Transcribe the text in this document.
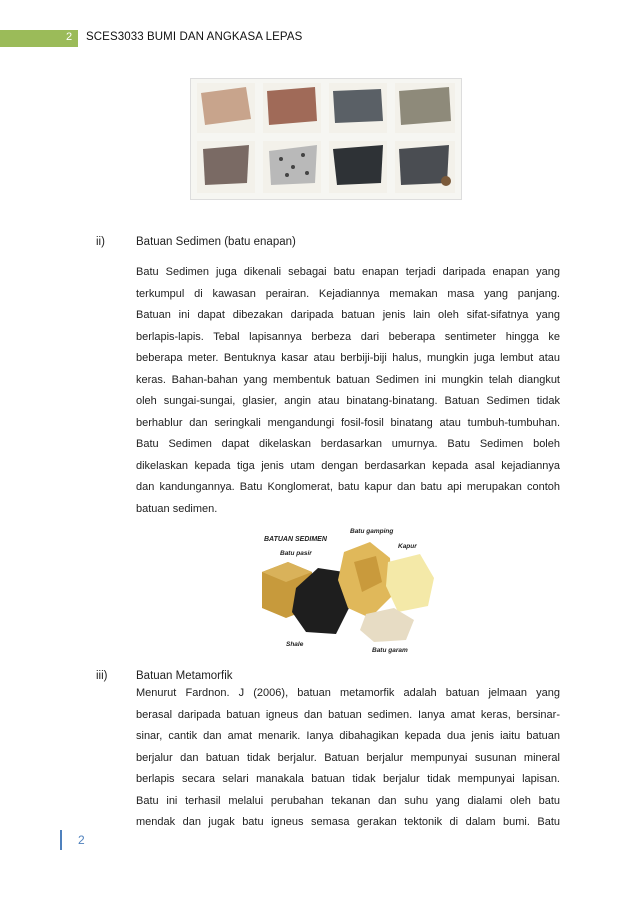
2	SCES3033 BUMI DAN ANGKASA LEPAS
ii)	Batuan Sedimen (batu enapan)
Batu Sedimen juga dikenali sebagai batu enapan terjadi daripada enapan yang
terkumpul di kawasan perairan. Kejadiannya memakan masa yang panjang.
Batuan ini dapat dibezakan daripada batuan jenis lain oleh sifat-sifatnya yang
berlapis-lapis. Tebal lapisannya berbeza dari beberapa sentimeter hingga ke
beberapa meter. Bentuknya kasar atau berbiji-biji halus, mungkin juga lembut atau
keras. Bahan-bahan yang membentuk batuan Sedimen ini mungkin telah diangkut
oleh sungai-sungai, glasier, angin atau binatang-binatang. Batuan Sedimen tidak
berhablur dan seringkali mengandungi fosil-fosil binatang atau tumbuh-tumbuhan.
Batu Sedimen dapat dikelaskan berdasarkan umurnya. Batu Sedimen boleh
dikelaskan kepada tiga jenis utam dengan berdasarkan kepada asal kejadiannya
dan kandungannya. Batu Konglomerat, batu kapur dan batu api merupakan contoh
batuan sedimen.
BATUAN SEDIMEN
Batu pasir
Batu gamping
Kapur
Shale
Batu garam
iii) Batuan Metamorfik
Menurut Fardnon. J (2006), batuan metamorfik adalah batuan jelmaan yang
berasal daripada batuan igneus dan batuan sedimen. Ianya amat keras, bersinar-
sinar, cantik dan amat menarik. Ianya dibahagikan kepada dua jenis iaitu batuan
berjalur dan batuan tidak berjalur. Batuan berjalur mempunyai susunan mineral
berlapis secara selari manakala batuan tidak berjalur tidak mempunyai lapisan.
Batu ini terhasil melalui perubahan tekanan dan suhu yang dialami oleh batu
mendak dan jugak batu igneus semasa gerakan tektonik di dalam bumi. Batu
2
